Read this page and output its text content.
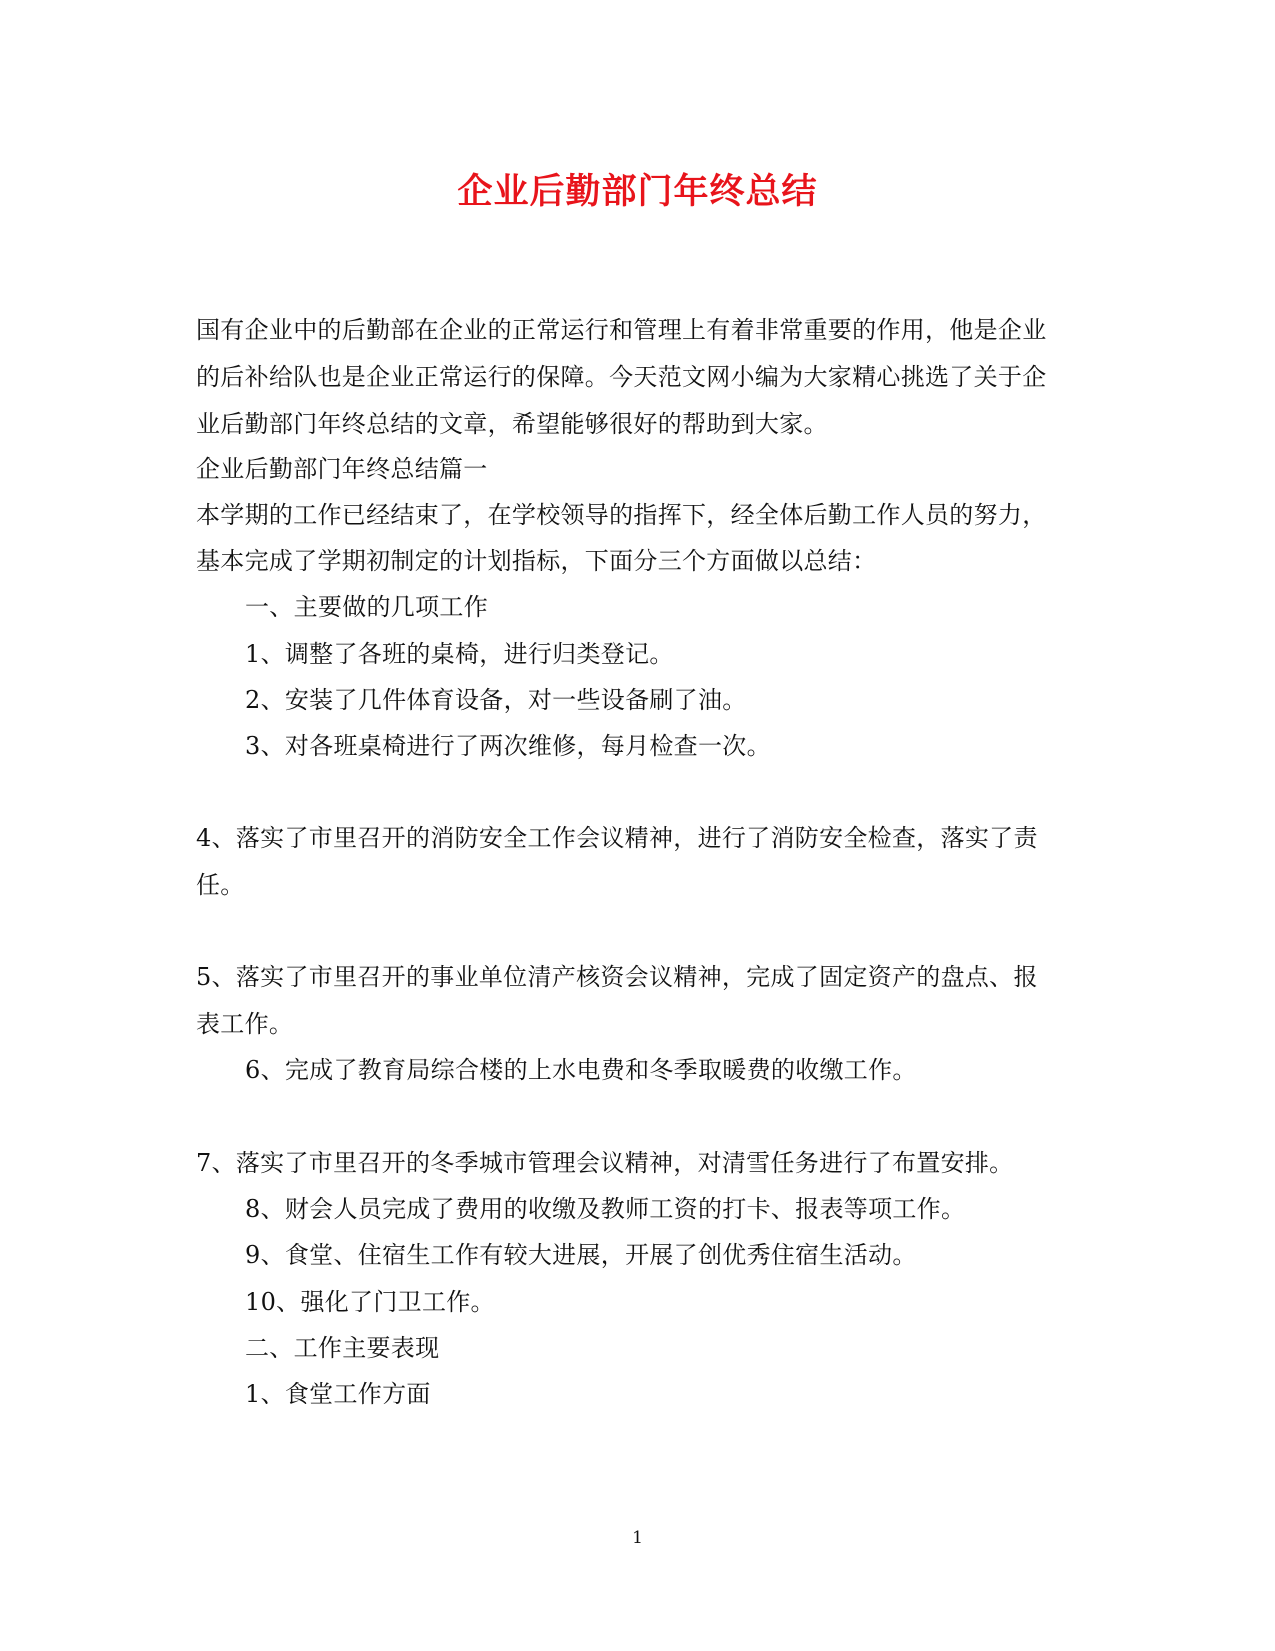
企业后勤部门年终总结

国有企业中的后勤部在企业的正常运行和管理上有着非常重要的作用，他是企业

的后补给队也是企业正常运行的保障。今天范文网小编为大家精心挑选了关于企

业后勤部门年终总结的文章，希望能够很好的帮助到大家。

企业后勤部门年终总结篇一

本学期的工作已经结束了，在学校领导的指挥下，经全体后勤工作人员的努力，

基本完成了学期初制定的计划指标，下面分三个方面做以总结：

一、主要做的几项工作

1、调整了各班的桌椅，进行归类登记。

2、安装了几件体育设备，对一些设备刷了油。

3、对各班桌椅进行了两次维修，每月检查一次。

4、落实了市里召开的消防安全工作会议精神，进行了消防安全检查，落实了责

任。

5、落实了市里召开的事业单位清产核资会议精神，完成了固定资产的盘点、报

表工作。

6、完成了教育局综合楼的上水电费和冬季取暖费的收缴工作。

7、落实了市里召开的冬季城市管理会议精神，对清雪任务进行了布置安排。

8、财会人员完成了费用的收缴及教师工资的打卡、报表等项工作。

9、食堂、住宿生工作有较大进展，开展了创优秀住宿生活动。

10、强化了门卫工作。

二、工作主要表现

1、食堂工作方面

1
